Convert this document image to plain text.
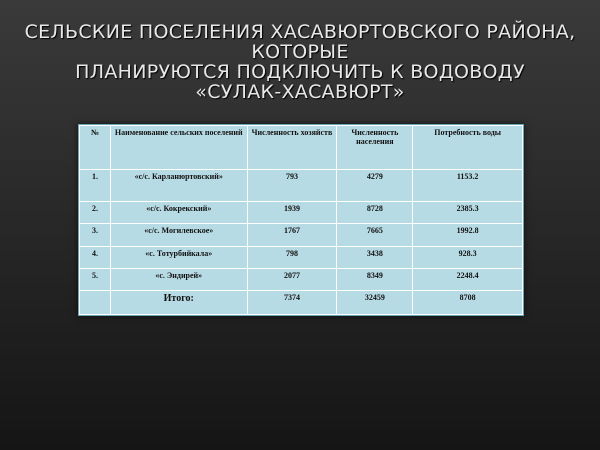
СЕЛЬСКИЕ ПОСЕЛЕНИЯ ХАСАВЮРТОВСКОГО РАЙОНА, КОТОРЫЕ
ПЛАНИРУЮТСЯ ПОДКЛЮЧИТЬ К ВОДОВОДУ
«СУЛАК-ХАСАВЮРТ»
№	Наименование сельских поселений	Численность хозяйств	Численность населения	Потребность воды
1.	«с/с. Карланюртовский»	793	4279	1153.2
2.	«с/с. Кокрекский»	1939	8728	2385.3
3.	«с/с. Могилевское»	1767	7665	1992.8
4.	«с. Тотурбийкала»	798	3438	928.3
5.	«с. Эндирей»	2077	8349	2248.4
	Итого:	7374	32459	8708
